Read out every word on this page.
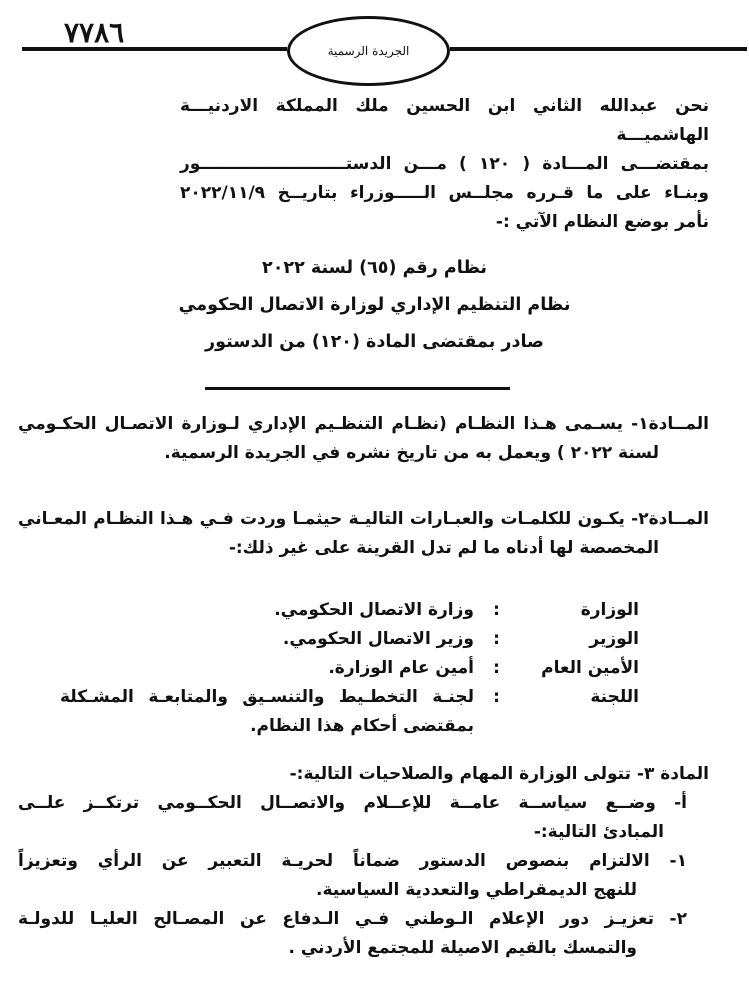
الجريدة الرسمية
٧٧٨٦
نحن عبدالله الثاني ابن الحسين ملك المملكة الاردنيـــة الهاشميـــة
بمقتضـــى المـــادة ( ١٢٠ ) مـــن الدستـــــــــــــــــــــــــور
وبنـاء على ما قـرره مجلــس الـــــوزراء بتاريــخ ٢٠٢٢/١١/٩
نأمر بوضع النظام الآتي :-
نظام رقم (٦٥) لسنة ٢٠٢٢
نظام التنظيم الإداري لوزارة الاتصال الحكومي
صادر بمقتضى المادة (١٢٠) من الدستور
المــادة١- يسـمى هـذا النظـام (نظـام التنظـيم الإداري لـوزارة الاتصـال الحكـومي
لسنة ٢٠٢٢ ) ويعمل به من تاريخ نشره في الجريدة الرسمية.
المــادة٢- يكـون للكلمـات والعبـارات التاليـة حيثمـا وردت فـي هـذا النظـام المعـاني
المخصصة لها أدناه ما لم تدل القرينة على غير ذلك:-
الوزارة
:
وزارة الاتصال الحكومي.
الوزير
:
وزير الاتصال الحكومي.
الأمين العام
:
أمين عام الوزارة.
اللجنة
:
لجنـة التخطـيط والتنسـيق والمتابعـة المشـكلة
بمقتضى أحكام هذا النظام.
المادة ٣- تتولى الوزارة المهام والصلاحيات التالية:-
أ- وضــع سياســة عامــة للإعــلام والاتصــال الحكــومي ترتكــز علــى
المبادئ التالية:-
١- الالتزام بنصوص الدستور ضماناً لحريـة التعبير عن الرأي وتعزيزاً
للنهج الديمقراطي والتعددية السياسية.
٢- تعزيـز دور الإعلام الـوطني فـي الـدفاع عن المصـالح العليـا للدولـة
والتمسك بالقيم الاصيلة للمجتمع الأردني .
